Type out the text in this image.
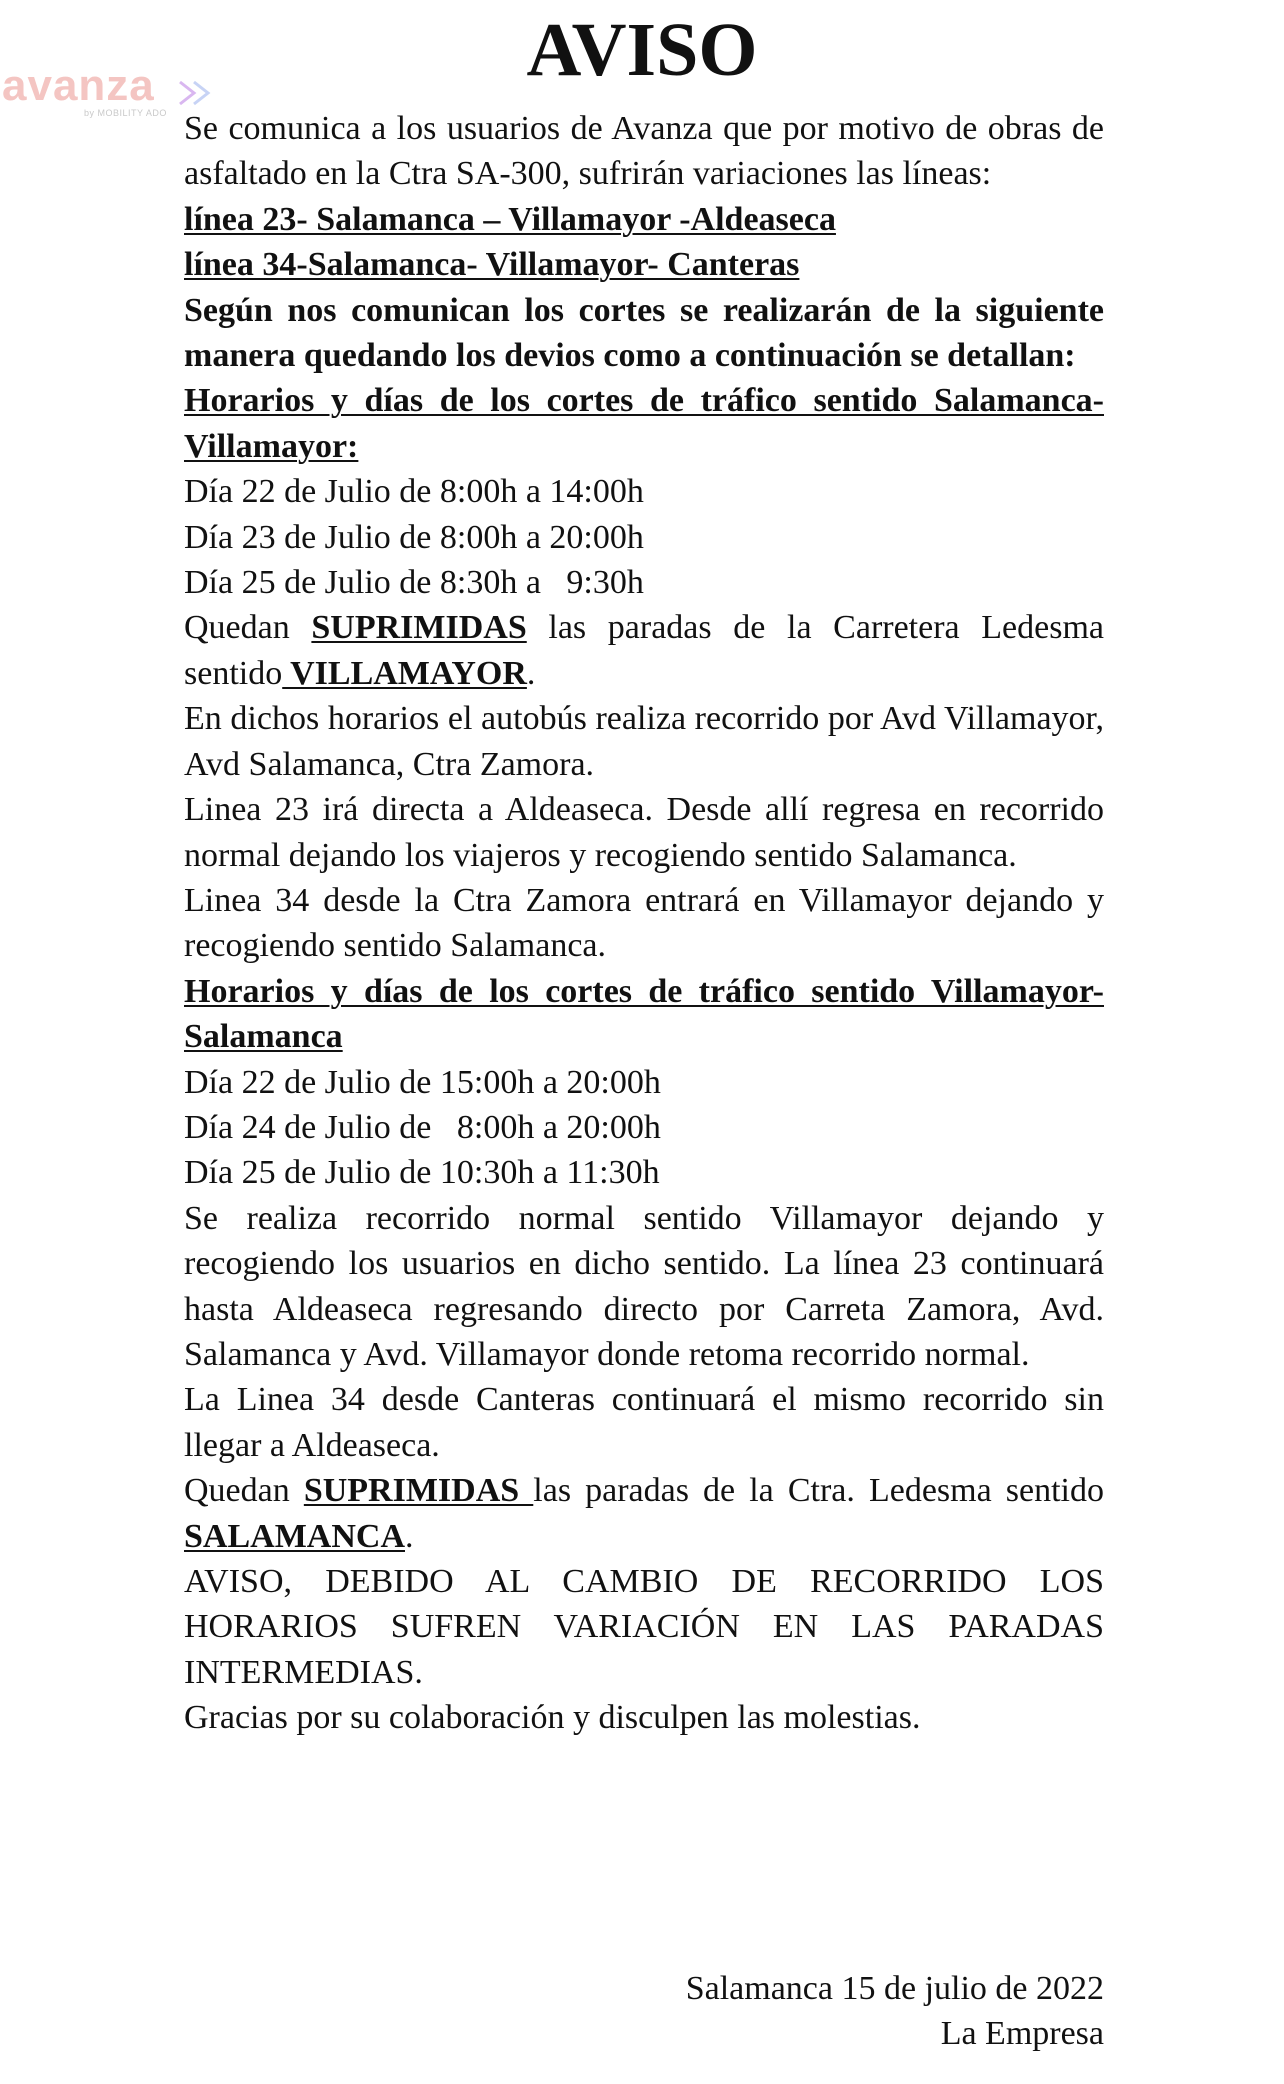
avanza
by MOBILITY ADO
AVISO

Se comunica a los usuarios de Avanza que por motivo de obras de asfaltado en la Ctra SA-300, sufrirán variaciones las líneas:

línea 23- Salamanca – Villamayor -Aldeaseca

línea 34-Salamanca- Villamayor- Canteras

Según nos comunican los cortes se realizarán de la siguiente manera quedando los devios como a continuación se detallan:

Horarios y días de los cortes de tráfico sentido Salamanca- Villamayor:

Día 22 de Julio de 8:00h a 14:00h

Día 23 de Julio de 8:00h a 20:00h

Día 25 de Julio de 8:30h a   9:30h

Quedan SUPRIMIDAS las paradas de la Carretera Ledesma sentido VILLAMAYOR.

En dichos horarios el autobús realiza recorrido por Avd Villamayor, Avd Salamanca, Ctra Zamora.

Linea 23 irá directa a Aldeaseca. Desde allí regresa en recorrido normal dejando los viajeros y recogiendo sentido Salamanca.

Linea 34 desde la Ctra Zamora entrará en Villamayor dejando y recogiendo sentido Salamanca.

Horarios y días de los cortes de tráfico sentido Villamayor-Salamanca

Día 22 de Julio de 15:00h a 20:00h

Día 24 de Julio de   8:00h a 20:00h

Día 25 de Julio de 10:30h a 11:30h

Se realiza recorrido normal sentido Villamayor dejando y recogiendo los usuarios en dicho sentido. La línea 23 continuará hasta Aldeaseca regresando directo por Carreta Zamora, Avd. Salamanca y Avd. Villamayor donde retoma recorrido normal.

La Linea 34 desde Canteras continuará el mismo recorrido sin llegar a Aldeaseca.

Quedan SUPRIMIDAS las paradas de la Ctra. Ledesma sentido SALAMANCA.

AVISO, DEBIDO AL CAMBIO DE RECORRIDO LOS HORARIOS SUFREN VARIACIÓN EN LAS PARADAS INTERMEDIAS.

Gracias por su colaboración y disculpen las molestias.

Salamanca 15 de julio de 2022

La Empresa
